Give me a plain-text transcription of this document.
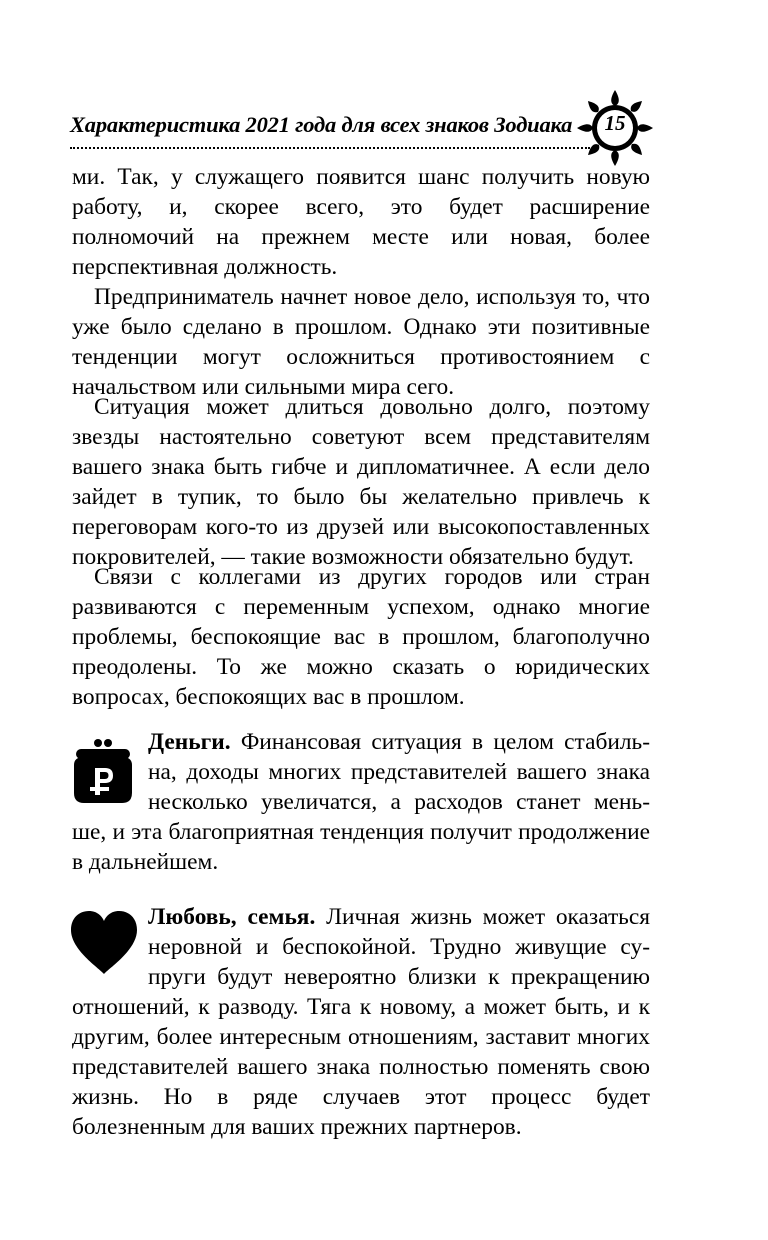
Характеристика 2021 года для всех знаков Зодиака	15

ми. Так, у служащего появится шанс получить новую работу, и, скорее всего, это будет расширение полномочий на прежнем месте или новая, более перспективная должность.

Предприниматель начнет новое дело, используя то, что уже было сделано в прошлом. Однако эти позитивные тенденции могут осложниться противостоянием с начальством или сильными мира сего.

Ситуация может длиться довольно долго, поэтому звезды настоятельно советуют всем представителям вашего знака быть гибче и дипломатичнее. А если дело зайдет в тупик, то было бы желательно привлечь к переговорам кого-то из друзей или высокопоставленных покровителей, — такие возможности обязательно будут.

Связи с коллегами из других городов или стран развиваются с переменным успехом, однако многие проблемы, беспокоящие вас в прошлом, благополучно преодолены. То же можно сказать о юридических вопросах, беспокоящих вас в прошлом.

Деньги. Финансовая ситуация в целом стабиль-
на, доходы многих представителей вашего знака
несколько увеличатся, а расходов станет мень-

ше, и эта благоприятная тенденция получит продолжение в дальнейшем.

Любовь, семья. Личная жизнь может оказаться
неровной и беспокойной. Трудно живущие су-
пруги будут невероятно близки к прекращению

отношений, к разводу. Тяга к новому, а может быть, и к другим, более интересным отношениям, заставит многих представителей вашего знака полностью поменять свою жизнь. Но в ряде случаев этот процесс будет болезненным для ваших прежних партнеров.
